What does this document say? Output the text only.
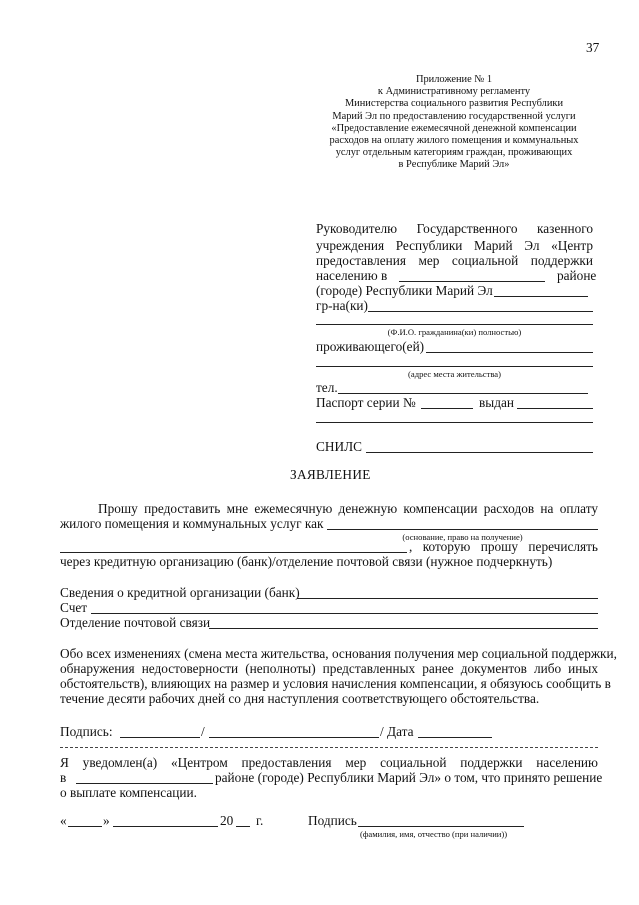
37
Приложение № 1
к Административному регламенту
Министерства социального развития Республики
Марий Эл по предоставлению государственной услуги
«Предоставление ежемесячной денежной компенсации
расходов на оплату жилого помещения и коммунальных
услуг отдельным категориям граждан, проживающих
в Республике Марий Эл»
Руководителю Государственного казенного
учреждения Республики Марий Эл «Центр
предоставления мер социальной поддержки
населению в	районе
(городе) Республики Марий Эл
гр-на(ки)
(Ф.И.О. гражданина(ки) полностью)
проживающего(ей)
(адрес места жительства)
тел.
Паспорт серии №	выдан
СНИЛС
ЗАЯВЛЕНИЕ
Прошу предоставить мне ежемесячную денежную компенсации расходов на оплату
жилого помещения и коммунальных услуг как
(основание, право на получение)
, которую прошу перечислять
через кредитную организацию (банк)/отделение почтовой связи (нужное подчеркнуть)
Сведения о кредитной организации (банк)
Счет
Отделение почтовой связи
Обо всех изменениях (смена места жительства, основания получения мер социальной поддержки,
обнаружения недостоверности (неполноты) представленных ранее документов либо иных
обстоятельств), влияющих на размер и условия начисления компенсации, я обязуюсь сообщить в
течение десяти рабочих дней со дня наступления соответствующего обстоятельства.
Подпись:	/	/ Дата
Я уведомлен(а) «Центром предоставления мер социальной поддержки населению
в	районе (городе) Республики Марий Эл» о том, что принято решение
о выплате компенсации.
«	»	20 г.	Подпись
(фамилия, имя, отчество (при наличии))
